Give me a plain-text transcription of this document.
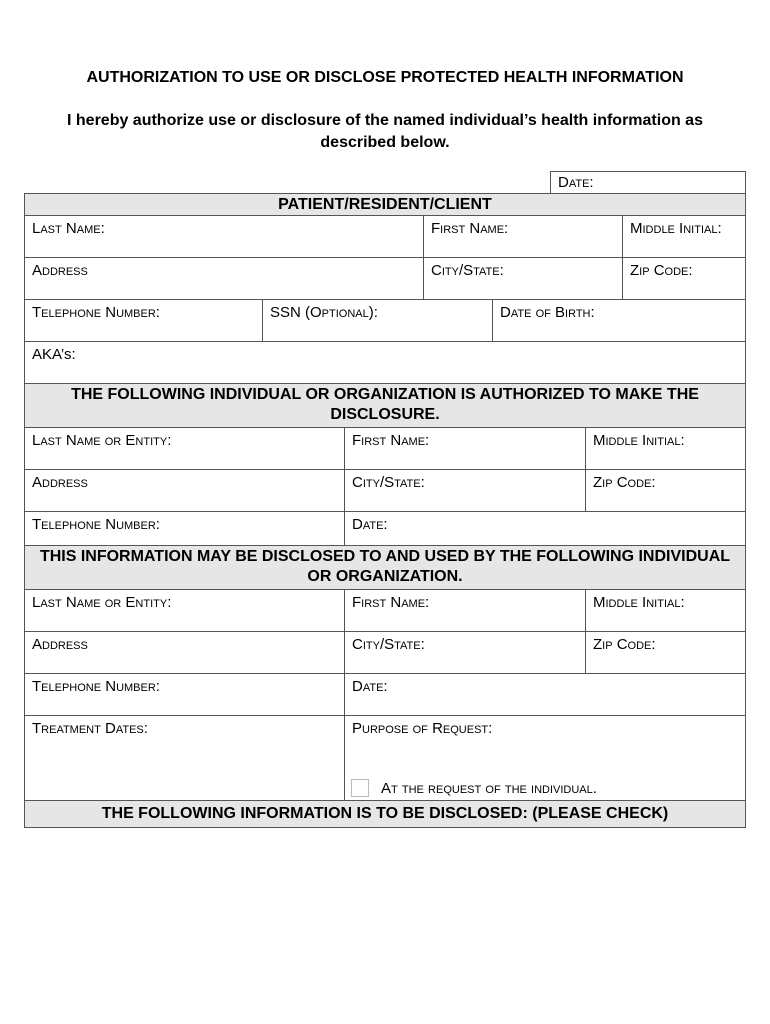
AUTHORIZATION TO USE OR DISCLOSE PROTECTED HEALTH INFORMATION
I hereby authorize use or disclosure of the named individual’s health information as described below.
Date:
PATIENT/RESIDENT/CLIENT
Last Name:	First Name:	Middle Initial:
Address	City/State:	Zip Code:
Telephone Number:	SSN (Optional):	Date of Birth:
AKA’s:
THE FOLLOWING INDIVIDUAL OR ORGANIZATION IS AUTHORIZED TO MAKE THE DISCLOSURE.
Last Name or Entity:	First Name:	Middle Initial:
Address	City/State:	Zip Code:
Telephone Number:	Date:
THIS INFORMATION MAY BE DISCLOSED TO AND USED BY THE FOLLOWING INDIVIDUAL OR ORGANIZATION.
Last Name or Entity:	First Name:	Middle Initial:
Address	City/State:	Zip Code:
Telephone Number:	Date:
Treatment Dates:	Purpose of Request:
At the request of the individual.
THE FOLLOWING INFORMATION IS TO BE DISCLOSED: (PLEASE CHECK)
